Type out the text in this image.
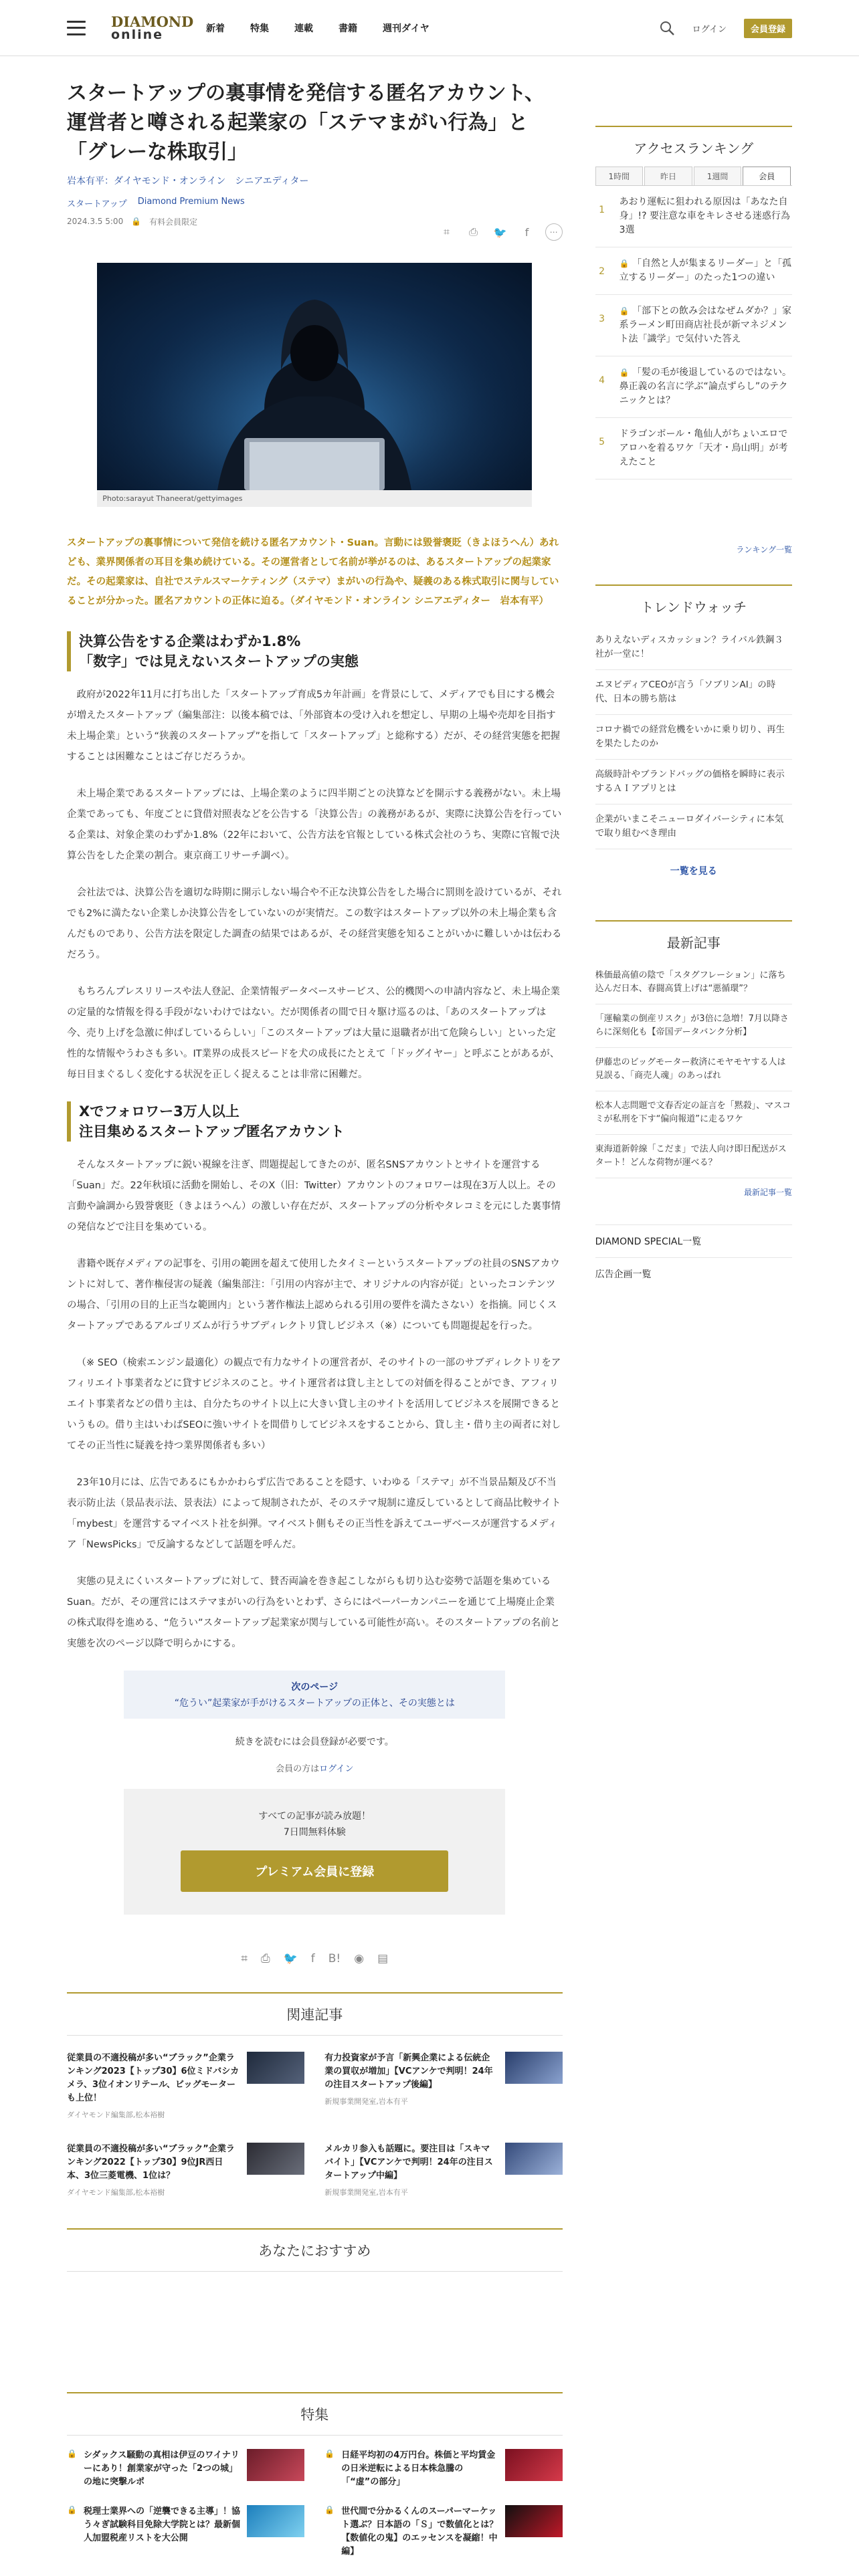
DIAMOND
online	新着	特集	連載	書籍	週刊ダイヤ	ログイン	会員登録
スタートアップの裏事情を発信する匿名アカウント、運営者と噂される起業家の「ステマまがい行為」と「グレーな株取引」
岩本有平：ダイヤモンド・オンライン　シニアエディター
スタートアップ Diamond Premium News
2024.3.5 5:00 🔒 有料会員限定
⌗	⎙	🐦	f	⋯
Photo:sarayut Thaneerat/gettyimages

スタートアップの裏事情について発信を続ける匿名アカウント・Suan。言動には毀誉褒貶（きよほうへん）あれども、業界関係者の耳目を集め続けている。その運営者として名前が挙がるのは、あるスタートアップの起業家だ。その起業家は、自社でステルスマーケティング（ステマ）まがいの行為や、疑義のある株式取引に関与していることが分かった。匿名アカウントの正体に迫る。（ダイヤモンド・オンライン シニアエディター　岩本有平）

決算公告をする企業はわずか1.8%
「数字」では見えないスタートアップの実態

政府が2022年11月に打ち出した「スタートアップ育成5カ年計画」を背景にして、メディアでも目にする機会が増えたスタートアップ（編集部注：以後本稿では、「外部資本の受け入れを想定し、早期の上場や売却を目指す未上場企業」という“狭義のスタートアップ”を指して「スタートアップ」と総称する）だが、その経営実態を把握することは困難なことはご存じだろうか。

未上場企業であるスタートアップには、上場企業のように四半期ごとの決算などを開示する義務がない。未上場企業であっても、年度ごとに貸借対照表などを公告する「決算公告」の義務があるが、実際に決算公告を行っている企業は、対象企業のわずか1.8%（22年において、公告方法を官報としている株式会社のうち、実際に官報で決算公告をした企業の割合。東京商工リサーチ調べ）。

会社法では、決算公告を適切な時期に開示しない場合や不正な決算公告をした場合に罰則を設けているが、それでも2%に満たない企業しか決算公告をしていないのが実情だ。この数字はスタートアップ以外の未上場企業も含んだものであり、公告方法を限定した調査の結果ではあるが、その経営実態を知ることがいかに難しいかは伝わるだろう。

もちろんプレスリリースや法人登記、企業情報データベースサービス、公的機関への申請内容など、未上場企業の定量的な情報を得る手段がないわけではない。だが関係者の間で日々駆け巡るのは、「あのスタートアップは今、売り上げを急激に伸ばしているらしい」「このスタートアップは大量に退職者が出て危険らしい」といった定性的な情報やうわさも多い。IT業界の成長スピードを犬の成長にたとえて「ドッグイヤー」と呼ぶことがあるが、毎日目まぐるしく変化する状況を正しく捉えることは非常に困難だ。

Xでフォロワー3万人以上
注目集めるスタートアップ匿名アカウント

そんなスタートアップに鋭い視線を注ぎ、問題提起してきたのが、匿名SNSアカウントとサイトを運営する「Suan」だ。22年秋頃に活動を開始し、そのX（旧：Twitter）アカウントのフォロワーは現在3万人以上。その言動や論調から毀誉褒貶（きよほうへん）の激しい存在だが、スタートアップの分析やタレコミを元にした裏事情の発信などで注目を集めている。

書籍や既存メディアの記事を、引用の範囲を超えて使用したタイミーというスタートアップの社員のSNSアカウントに対して、著作権侵害の疑義（編集部注：「引用の内容が主で、オリジナルの内容が従」といったコンテンツの場合、「引用の目的上正当な範囲内」という著作権法上認められる引用の要件を満たさない）を指摘。同じくスタートアップであるアルゴリズムが行うサブディレクトリ貸しビジネス（※）についても問題提起を行った。

（※ SEO（検索エンジン最適化）の観点で有力なサイトの運営者が、そのサイトの一部のサブディレクトリをアフィリエイト事業者などに貸すビジネスのこと。サイト運営者は貸し主としての対価を得ることができ、アフィリエイト事業者などの借り主は、自分たちのサイト以上に大きい貸し主のサイトを活用してビジネスを展開できるというもの。借り主はいわばSEOに強いサイトを間借りしてビジネスをすることから、貸し主・借り主の両者に対してその正当性に疑義を持つ業界関係者も多い）

23年10月には、広告であるにもかかわらず広告であることを隠す、いわゆる「ステマ」が不当景品類及び不当表示防止法（景品表示法、景表法）によって規制されたが、そのステマ規制に違反しているとして商品比較サイト「mybest」を運営するマイベスト社を糾弾。マイベスト側もその正当性を訴えてユーザベースが運営するメディア「NewsPicks」で反論するなどして話題を呼んだ。

実態の見えにくいスタートアップに対して、賛否両論を巻き起こしながらも切り込む姿勢で話題を集めているSuan。だが、その運営にはステマまがいの行為をいとわず、さらにはペーパーカンパニーを通じて上場廃止企業の株式取得を進める、“危うい”スタートアップ起業家が関与している可能性が高い。そのスタートアップの名前と実態を次のページ以降で明らかにする。

次のページ
“危うい”起業家が手がけるスタートアップの正体と、その実態とは
続きを読むには会員登録が必要です。
会員の方はログイン
すべての記事が読み放題！
7日間無料体験
プレミアム会員に登録
⌗ ⎙ 🐦 f B! ◉ ▤
関連記事
従業員の不適投稿が多い“ブラック”企業ランキング2023【トップ30】6位ミドバシカメラ、3位イオンリテール、ビッグモーターも上位！
ダイヤモンド編集部,松本裕樹
有力投資家が予言「新興企業による伝統企業の買収が増加」【VCアンケで判明！24年の注目スタートアップ後編】
新規事業開発室,岩本有平
従業員の不適投稿が多い“ブラック”企業ランキング2022【トップ30】9位JR西日本、3位三菱電機、1位は？
ダイヤモンド編集部,松本裕樹
メルカリ参入も話題に。要注目は「スキマバイト」【VCアンケで判明！24年の注目スタートアップ中編】
新規事業開発室,岩本有平
あなたにおすすめ
特集
🔒 シダックス騒動の真相は伊豆のワイナリーにあり！創業家が守った「2つの城」の地に突撃ルポ
🔒 日経平均初の4万円台。株価と平均賃金の日米逆転による日本株急騰の「“虚”の部分」
🔒 税理士業界への「逆襲できる主導」！協う々ぎ試験科目免除大学院とは？最新個人加盟税産リストを大公開
🔒 世代間で分かるくんのスーパーマーケット選ぶ？日本語の「Ｓ」で数値化とは？【数値化の鬼】のエッセンスを凝縮！中編】
アクセスランキング
1時間	昨日	1週間	会員
1
あおり運転に狙われる原因は「あなた自身」!? 要注意な車をキレさせる迷惑行為3選
2
🔒 「自然と人が集まるリーダー」と「孤立するリーダー」のたった1つの違い
3
🔒 「部下との飲み会はなぜムダか？」家系ラーメン町田商店社長が新マネジメント法「識学」で気付いた答え
4
🔒 「髪の毛が後退しているのではない。鼻正義の名言に学ぶ“論点ずらし”のテクニックとは？
5
ドラゴンボール・亀仙人がちょいエロでアロハを着るワケ「天才・鳥山明」が考えたこと
ランキング一覧
トレンドウォッチ
ありえないディスカッション？ライバル鉄鋼３社が一堂に！
エヌビディアCEOが言う「ソブリンAI」の時代、日本の勝ち筋は
コロナ禍での経営危機をいかに乗り切り、再生を果たしたのか
高級時計やブランドバッグの価格を瞬時に表示するＡＩアプリとは
企業がいまこそニューロダイバーシティに本気で取り組むべき理由
一覧を見る
最新記事
株価最高値の陰で「スタグフレーション」に落ち込んだ日本、春闘高賃上げは“悪循環”？
「運輸業の倒産リスク」が3倍に急増！7月以降さらに深刻化も【帝国データバンク分析】
伊藤忠のビッグモーター救済にモヤモヤする人は見誤る、「商売人魂」のあっぱれ
松本人志問題で文春否定の証言を「黙殺」、マスコミが私刑を下す“偏向報道”に走るワケ
東海道新幹線「こだま」で法人向け即日配送がスタート！どんな荷物が運べる？
最新記事一覧
DIAMOND SPECIAL一覧
広告企画一覧
